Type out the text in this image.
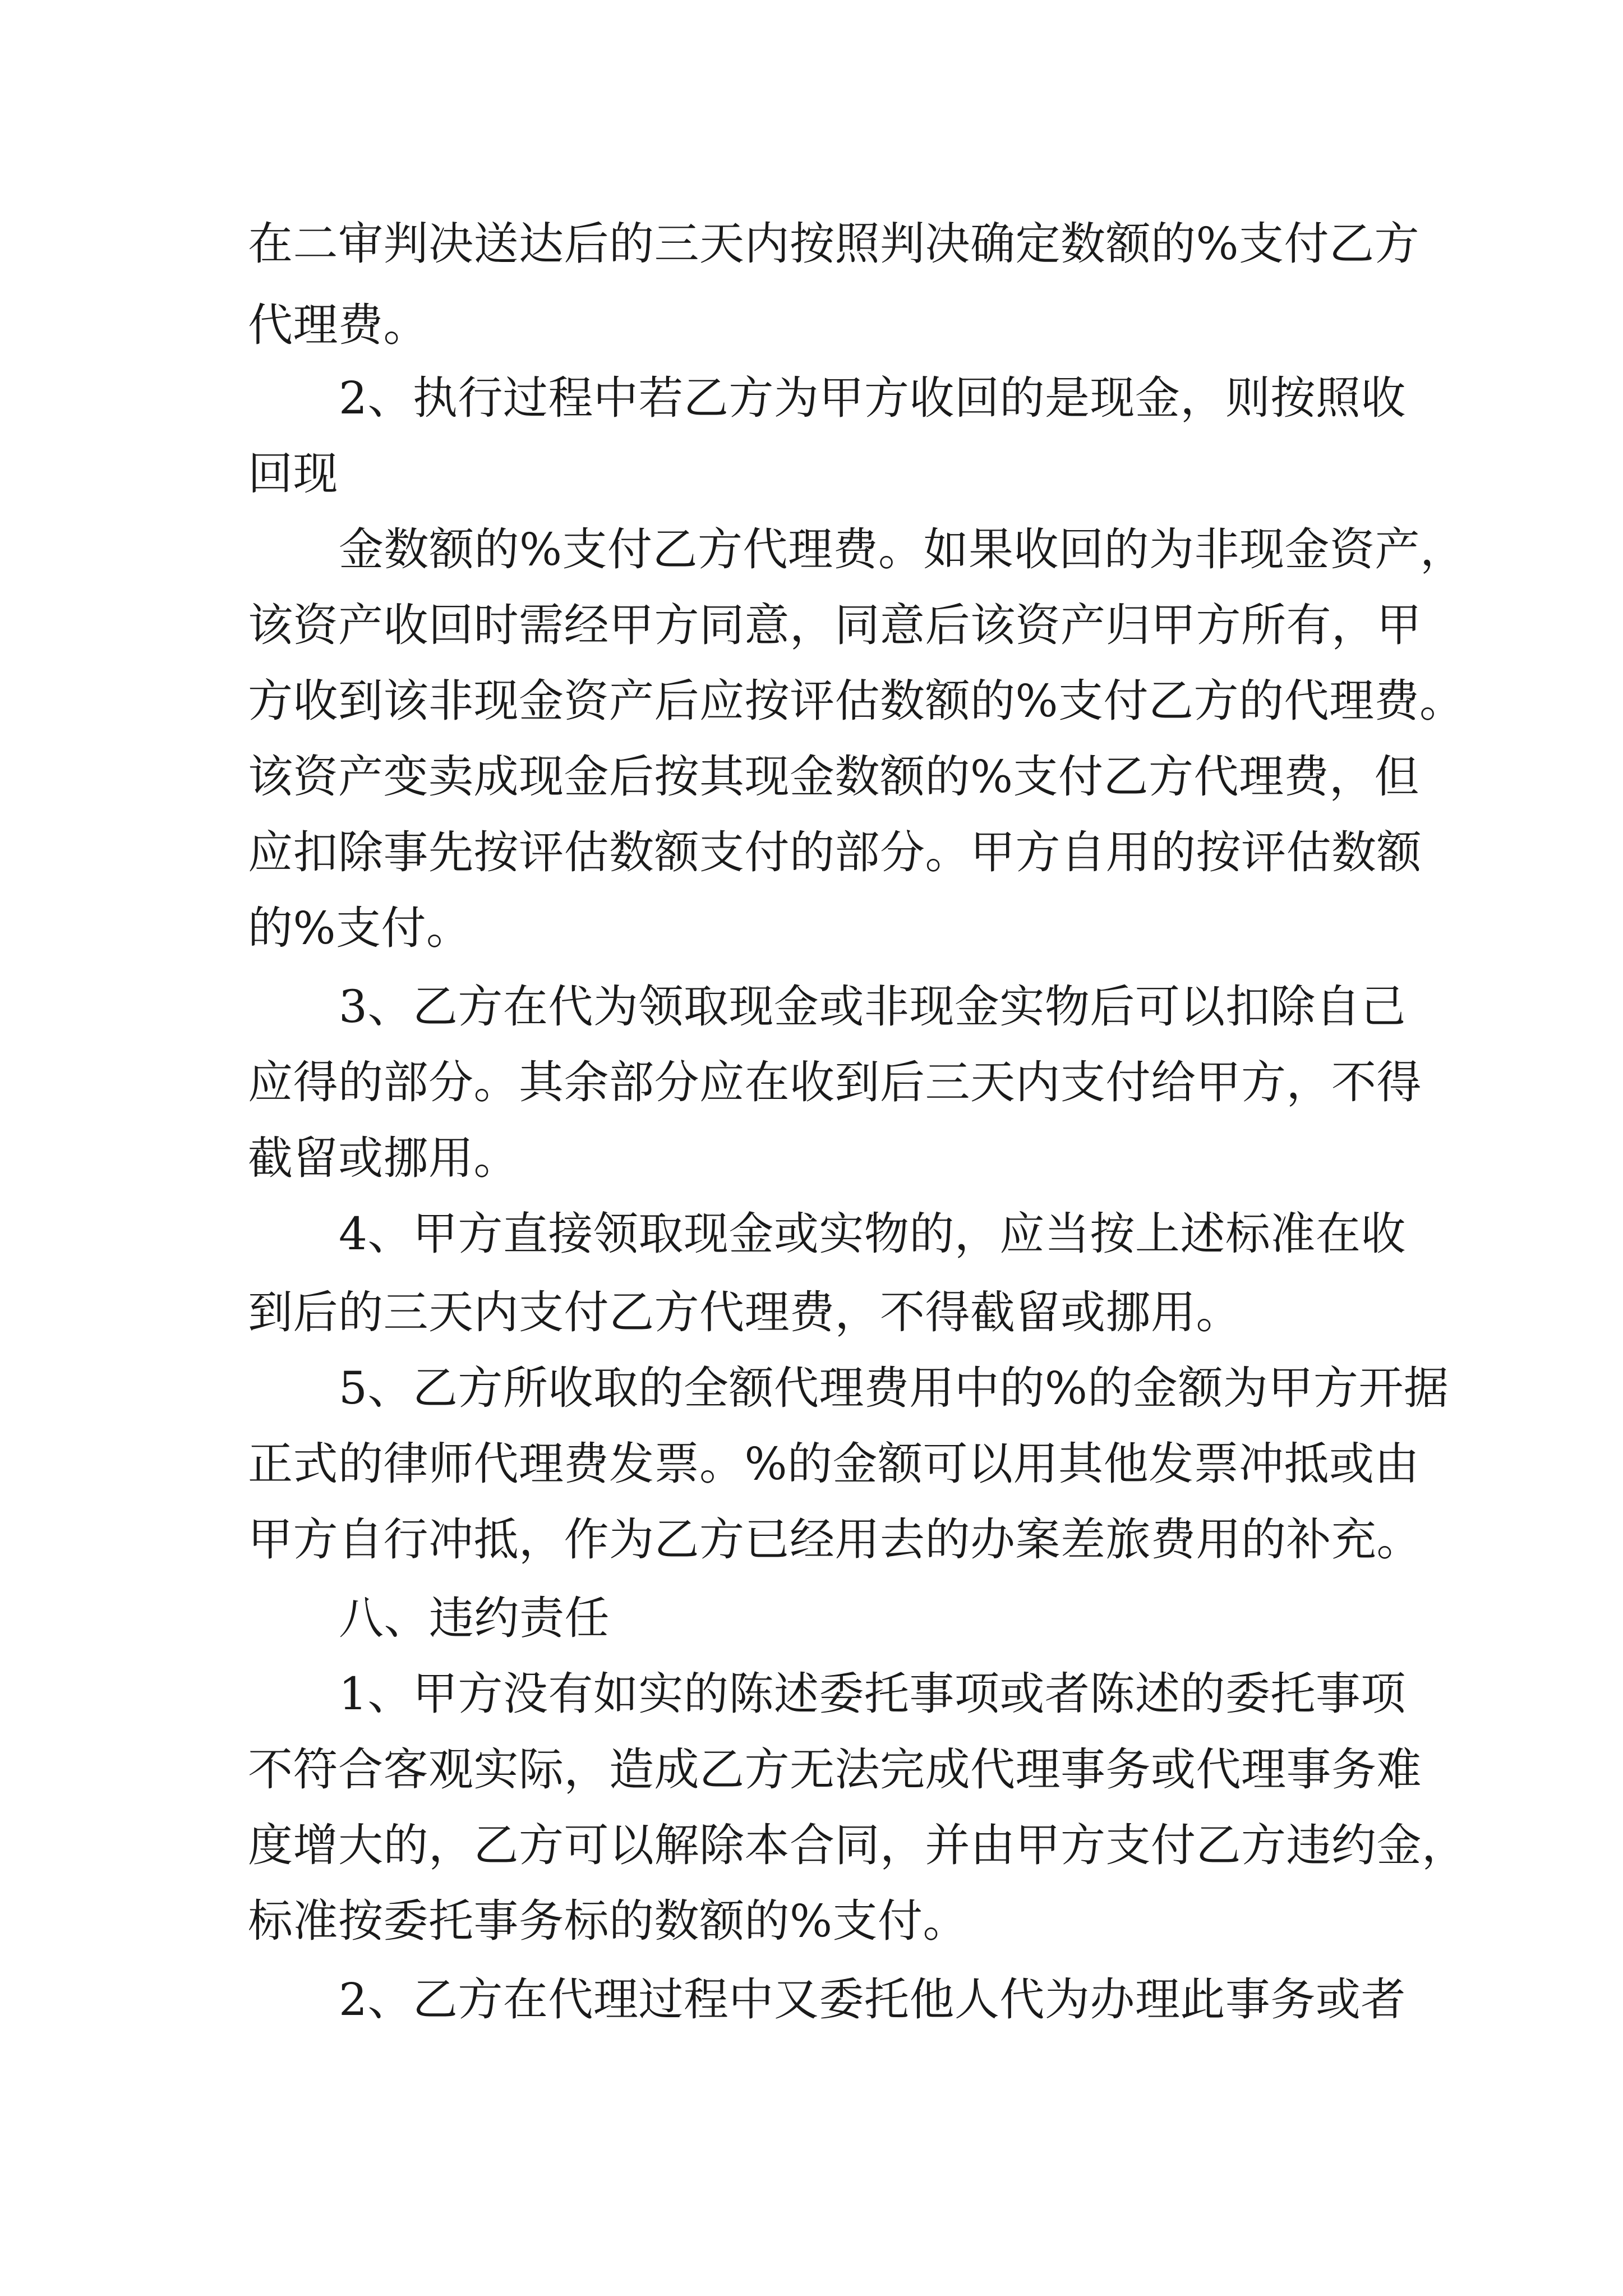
在二审判决送达后的三天内按照判决确定数额的%支付乙方
代理费。
2、执行过程中若乙方为甲方收回的是现金，则按照收
回现
金数额的%支付乙方代理费。如果收回的为非现金资产，
该资产收回时需经甲方同意，同意后该资产归甲方所有，甲
方收到该非现金资产后应按评估数额的%支付乙方的代理费。
该资产变卖成现金后按其现金数额的%支付乙方代理费，但
应扣除事先按评估数额支付的部分。甲方自用的按评估数额
的%支付。
3、乙方在代为领取现金或非现金实物后可以扣除自己
应得的部分。其余部分应在收到后三天内支付给甲方，不得
截留或挪用。
4、甲方直接领取现金或实物的，应当按上述标准在收
到后的三天内支付乙方代理费，不得截留或挪用。
5、乙方所收取的全额代理费用中的%的金额为甲方开据
正式的律师代理费发票。%的金额可以用其他发票冲抵或由
甲方自行冲抵，作为乙方已经用去的办案差旅费用的补充。
八、违约责任
1、甲方没有如实的陈述委托事项或者陈述的委托事项
不符合客观实际，造成乙方无法完成代理事务或代理事务难
度增大的，乙方可以解除本合同，并由甲方支付乙方违约金，
标准按委托事务标的数额的%支付。
2、乙方在代理过程中又委托他人代为办理此事务或者
